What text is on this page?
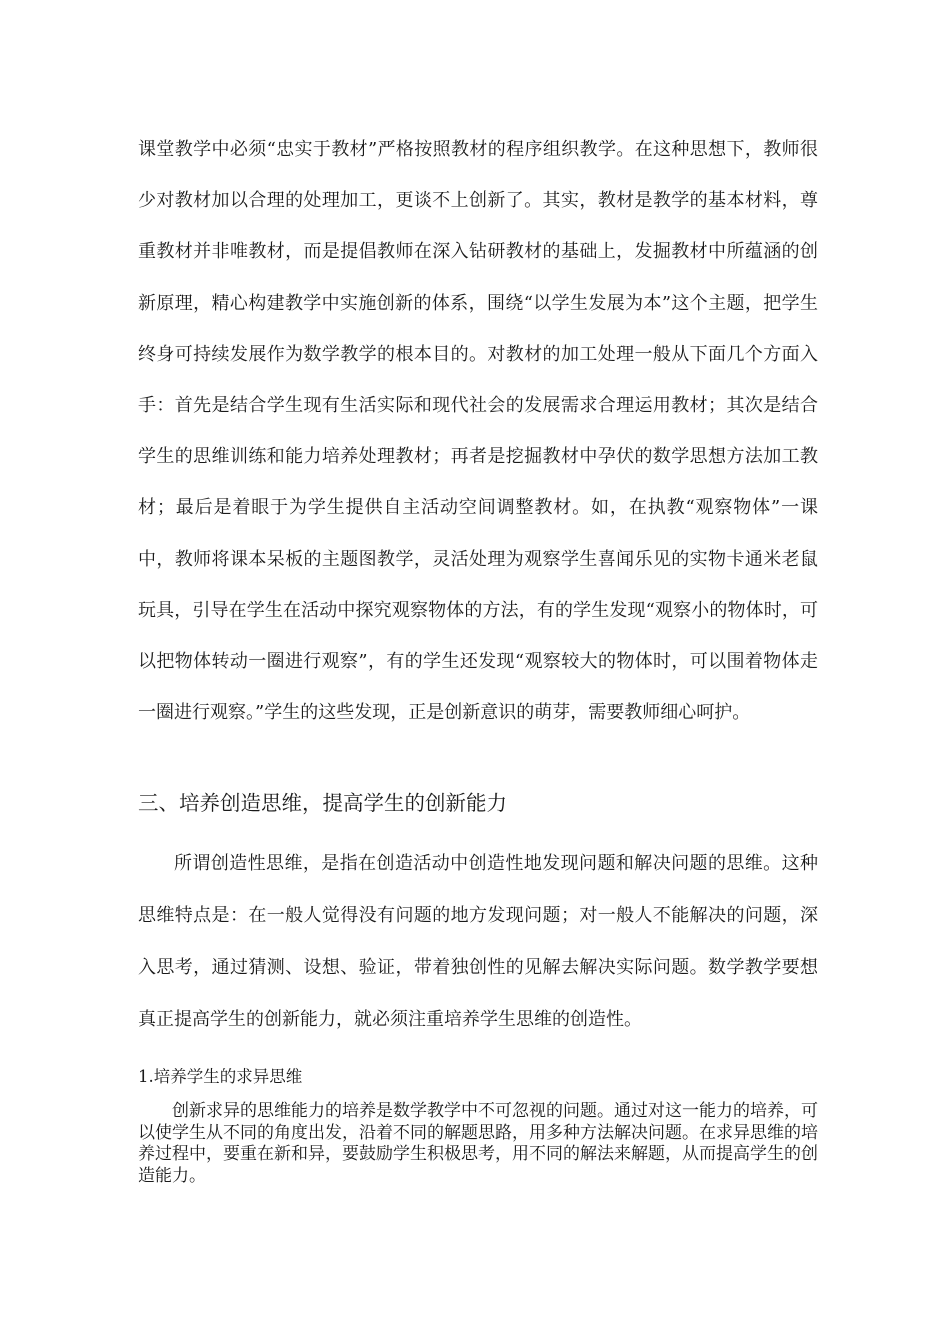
课堂教学中必须“忠实于教材”严格按照教材的程序组织教学。在这种思想下，教师很少对教材加以合理的处理加工，更谈不上创新了。其实，教材是教学的基本材料，尊重教材并非唯教材，而是提倡教师在深入钻研教材的基础上，发掘教材中所蕴涵的创新原理，精心构建教学中实施创新的体系，围绕“以学生发展为本”这个主题，把学生终身可持续发展作为数学教学的根本目的。对教材的加工处理一般从下面几个方面入手：首先是结合学生现有生活实际和现代社会的发展需求合理运用教材；其次是结合学生的思维训练和能力培养处理教材；再者是挖掘教材中孕伏的数学思想方法加工教材；最后是着眼于为学生提供自主活动空间调整教材。如，在执教“观察物体”一课中，教师将课本呆板的主题图教学，灵活处理为观察学生喜闻乐见的实物卡通米老鼠玩具，引导在学生在活动中探究观察物体的方法，有的学生发现“观察小的物体时，可以把物体转动一圈进行观察”，有的学生还发现“观察较大的物体时，可以围着物体走一圈进行观察。”学生的这些发现，正是创新意识的萌芽，需要教师细心呵护。

三、培养创造思维，提高学生的创新能力

所谓创造性思维，是指在创造活动中创造性地发现问题和解决问题的思维。这种思维特点是：在一般人觉得没有问题的地方发现问题；对一般人不能解决的问题，深入思考，通过猜测、设想、验证，带着独创性的见解去解决实际问题。数学教学要想真正提高学生的创新能力，就必须注重培养学生思维的创造性。

1.培养学生的求异思维

创新求异的思维能力的培养是数学教学中不可忽视的问题。通过对这一能力的培养，可以使学生从不同的角度出发，沿着不同的解题思路，用多种方法解决问题。在求异思维的培养过程中，要重在新和异，要鼓励学生积极思考，用不同的解法来解题，从而提高学生的创造能力。
